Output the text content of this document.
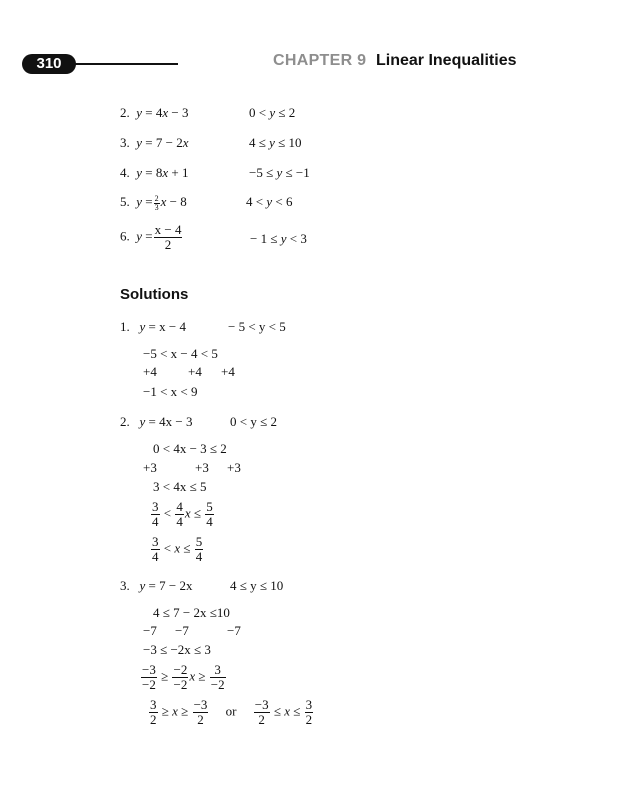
310	CHAPTER 9 Linear Inequalities
2. y = 4x − 3	0 < y ≤ 2
3. y = 7 − 2x	4 ≤ y ≤ 10
4. y = 8x + 1	−5 ≤ y ≤ −1
5. $y = \frac{2}{3}$ x − 8	4 < y < 6
6. $y = \frac{x - 4}{2}$	− 1 ≤ y < 3
Solutions
1. y = x − 4	− 5 < y < 5
−5 < x − 4 < 5
+4 +4 +4
−1 < x < 9
2. y = 4x − 3	0 < y ≤ 2
0 < 4x − 3 ≤ 2
+3	+3 +3
3 < 4x ≤ 5
$\frac{3}{4} < \frac{4}{4}$ $x \le \frac{5}{4}$
$\frac{3}{4} < x \le \frac{5}{4}$
3. y = 7 − 2x	4 ≤ y ≤ 10
4 ≤ 7 − 2x ≤10
−7 −7	−7
−3 ≤ −2x ≤ 3
$\frac{-3}{-2} \ge \frac{-2}{-2}$ $x \ge \frac{3}{-2}$
$\frac{3}{2} \ge x \ge \frac{-3}{2}$ or $\frac{-3}{2} \le x \le \frac{3}{2}$
